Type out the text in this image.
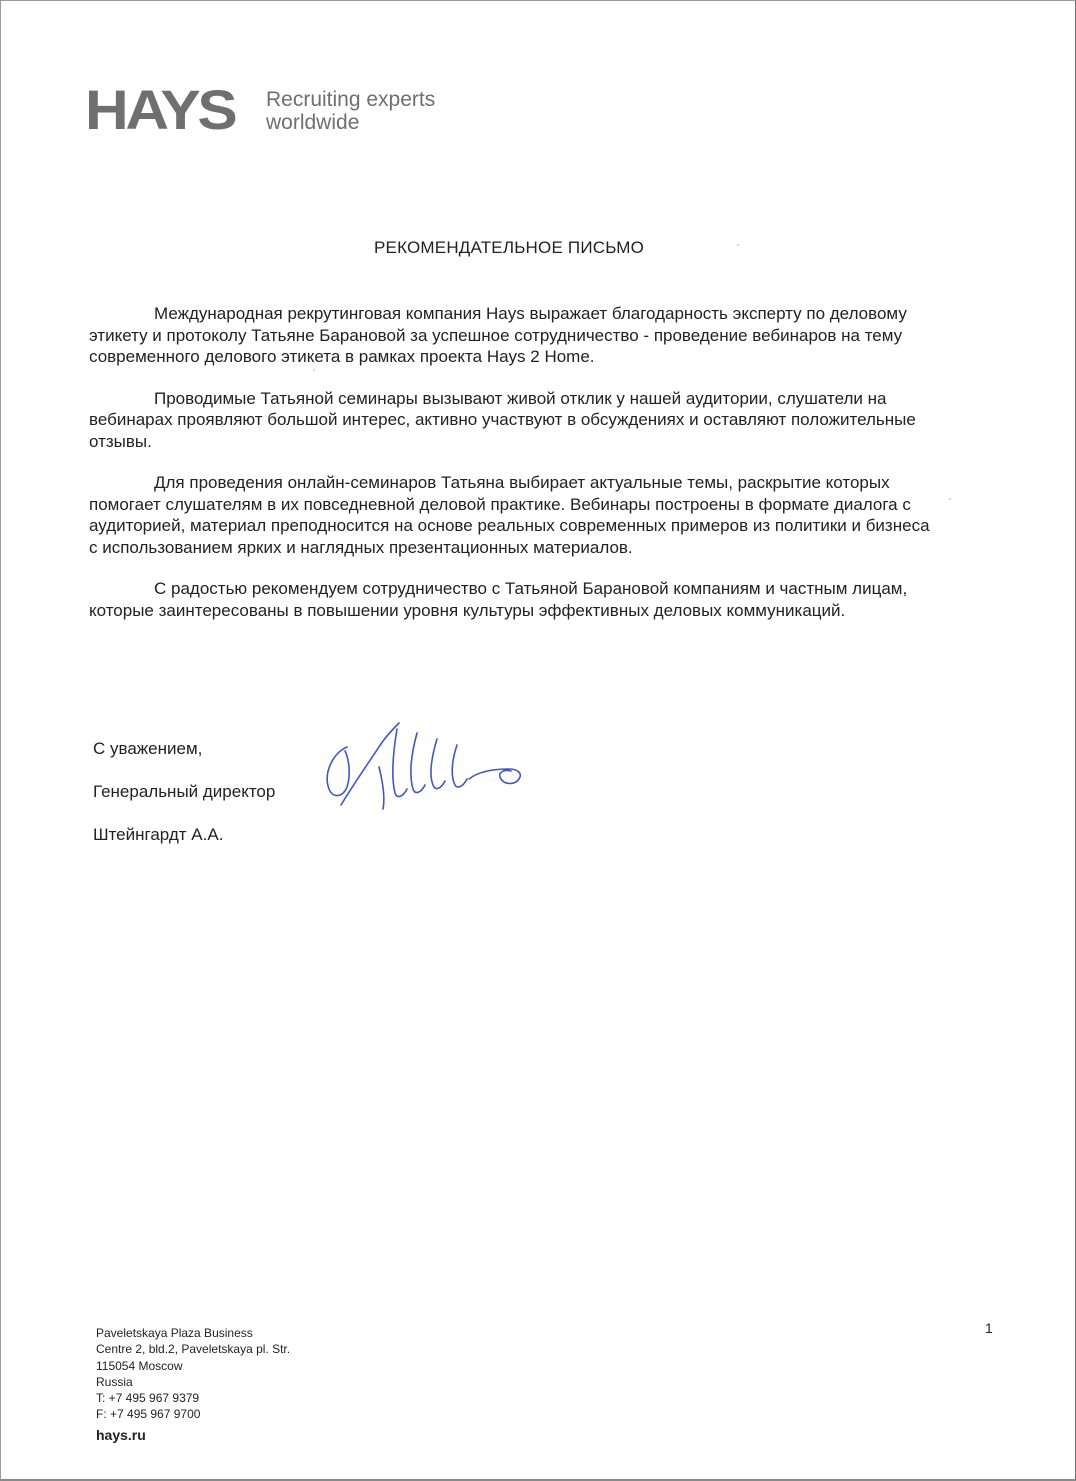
HAYS Recruiting experts
worldwide
РЕКОМЕНДАТЕЛЬНОЕ ПИСЬМО

Международная рекрутинговая компания Hays выражает благодарность эксперту по деловому этикету и протоколу Татьяне Барановой за успешное сотрудничество - проведение вебинаров на тему современного делового этикета в рамках проекта Hays 2 Home.

Проводимые Татьяной семинары вызывают живой отклик у нашей аудитории, слушатели на вебинарах проявляют большой интерес, активно участвуют в обсуждениях и оставляют положительные отзывы.

Для проведения онлайн-семинаров Татьяна выбирает актуальные темы, раскрытие которых помогает слушателям в их повседневной деловой практике. Вебинары построены в формате диалога с аудиторией, материал преподносится на основе реальных современных примеров из политики и бизнеса с использованием ярких и наглядных презентационных материалов.

С радостью рекомендуем сотрудничество с Татьяной Барановой компаниям и частным лицам, которые заинтересованы в повышении уровня культуры эффективных деловых коммуникаций.

С уважением,
Генеральный директор
Штейнгардт А.А.
Paveletskaya Plaza Business
Centre 2, bld.2, Paveletskaya pl. Str.
115054 Moscow
Russia
T: +7 495 967 9379
F: +7 495 967 9700
hays.ru
1
